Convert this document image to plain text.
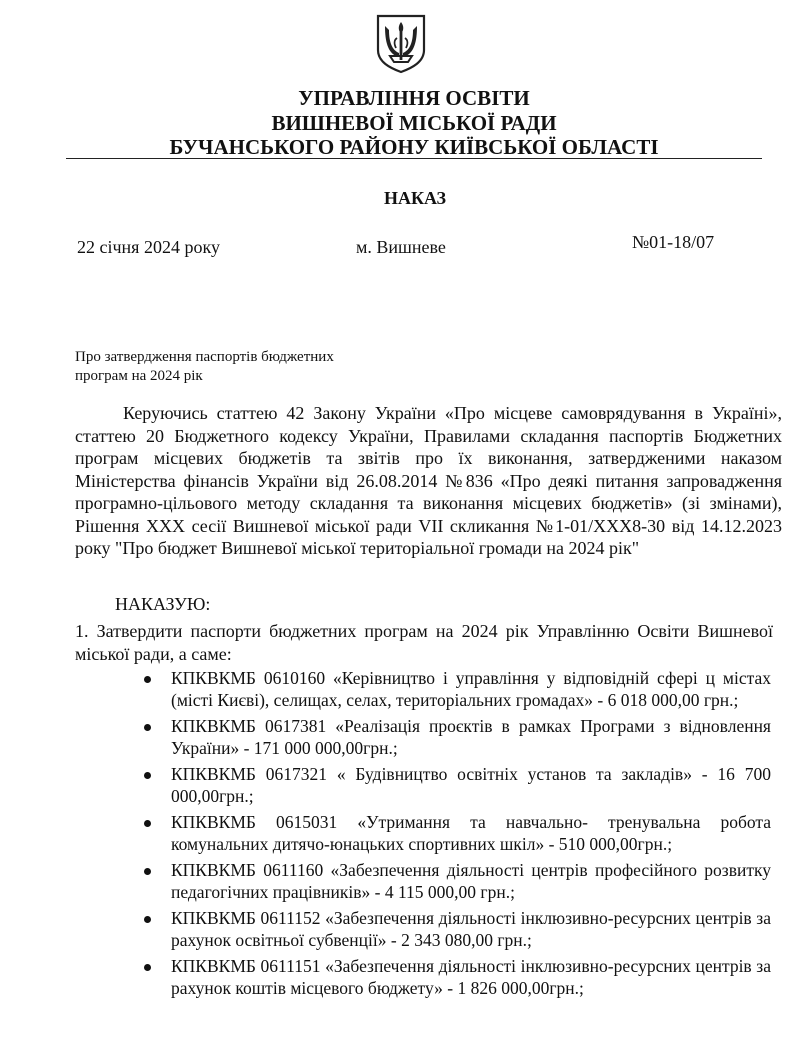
УПРАВЛІННЯ ОСВІТИ
ВИШНЕВОЇ МІСЬКОЇ РАДИ
БУЧАНСЬКОГО РАЙОНУ КИЇВСЬКОЇ ОБЛАСТІ
НАКАЗ
22 січня 2024 року	м. Вишневе	№01-18/07
Про затвердження паспортів бюджетних
програм на 2024 рік

Керуючись статтею 42 Закону України «Про місцеве самоврядування в Україні», статтею 20 Бюджетного кодексу України, Правилами складання паспортів Бюджетних програм місцевих бюджетів та звітів про їх виконання, затвердженими наказом Міністерства фінансів України від 26.08.2014 №836 «Про деякі питання запровадження програмно-цільового методу складання та виконання місцевих бюджетів» (зі змінами), Рішення XXX сесії Вишневої міської ради VII скликання №1-01/XXX8-30 від 14.12.2023 року "Про бюджет Вишневої міської територіальної громади на 2024 рік"

НАКАЗУЮ:
1. Затвердити паспорти бюджетних програм на 2024 рік Управлінню Освіти Вишневої міської ради, а саме:
КПКВКМБ 0610160 «Керівництво і управління у відповідній сфері ц містах (місті Києві), селищах, селах, територіальних громадах» - 6 018 000,00 грн.;
КПКВКМБ 0617381 «Реалізація проєктів в рамках Програми з відновлення України» - 171 000 000,00грн.;
КПКВКМБ 0617321 « Будівництво освітніх установ та закладів» - 16 700 000,00грн.;
КПКВКМБ 0615031 «Утримання та навчально- тренувальна робота комунальних дитячо-юнацьких спортивних шкіл» - 510 000,00грн.;
КПКВКМБ 0611160 «Забезпечення діяльності центрів професійного розвитку педагогічних працівників» - 4 115 000,00 грн.;
КПКВКМБ 0611152 «Забезпечення діяльності інклюзивно-ресурсних центрів за рахунок освітньої субвенції» - 2 343 080,00 грн.;
КПКВКМБ 0611151 «Забезпечення діяльності інклюзивно-ресурсних центрів за рахунок коштів місцевого бюджету» - 1 826 000,00грн.;
